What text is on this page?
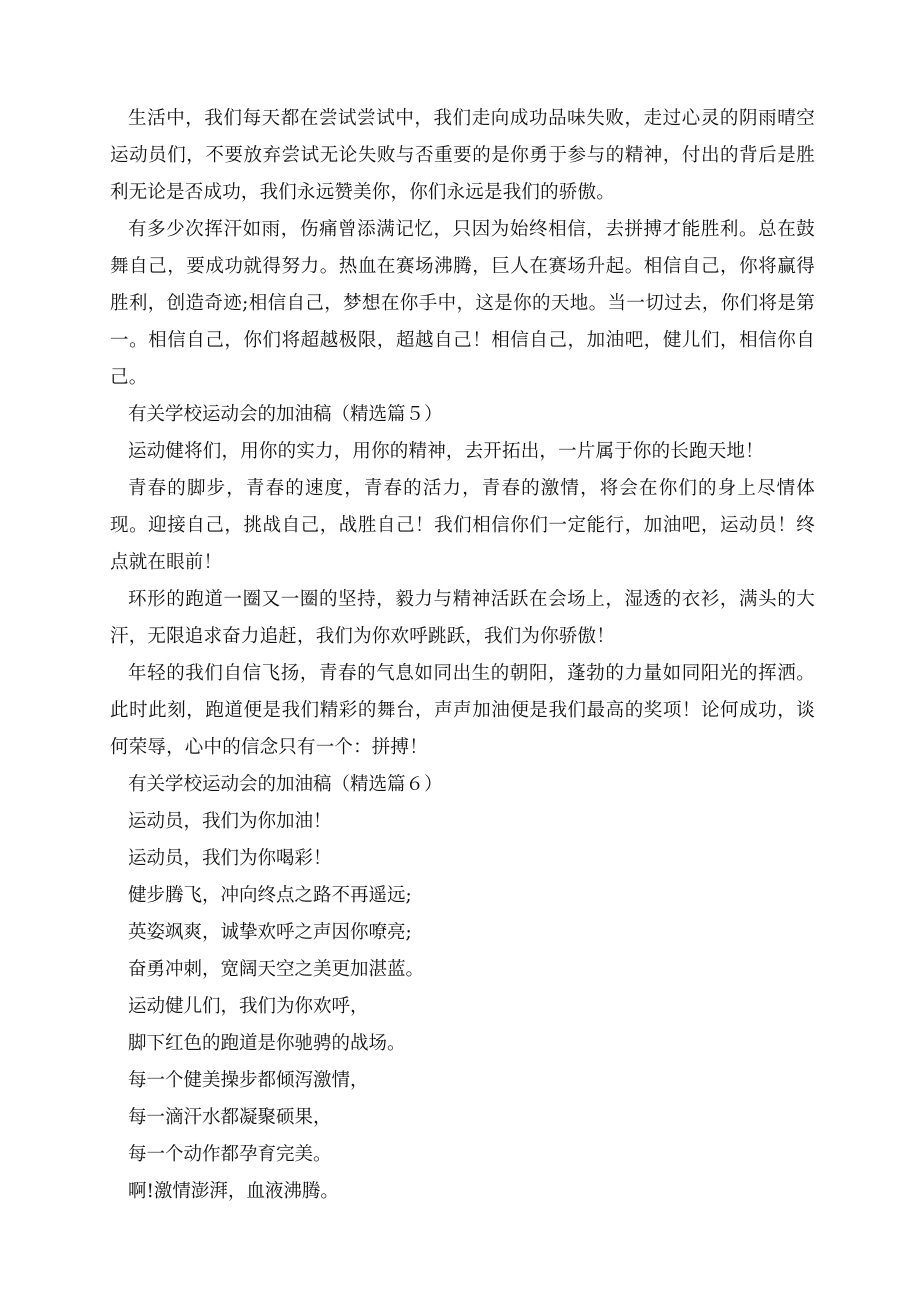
生活中，我们每天都在尝试尝试中，我们走向成功品味失败，走过心灵的阴雨晴空运动员们，不要放弃尝试无论失败与否重要的是你勇于参与的精神，付出的背后是胜利无论是否成功，我们永远赞美你，你们永远是我们的骄傲。

有多少次挥汗如雨，伤痛曾添满记忆，只因为始终相信，去拼搏才能胜利。总在鼓舞自己，要成功就得努力。热血在赛场沸腾，巨人在赛场升起。相信自己，你将赢得胜利，创造奇迹;相信自己，梦想在你手中，这是你的天地。当一切过去，你们将是第一。相信自己，你们将超越极限，超越自己！相信自己，加油吧，健儿们，相信你自己。

有关学校运动会的加油稿（精选篇５）

运动健将们，用你的实力，用你的精神，去开拓出，一片属于你的长跑天地！

青春的脚步，青春的速度，青春的活力，青春的激情，将会在你们的身上尽情体现。迎接自己，挑战自己，战胜自己！我们相信你们一定能行，加油吧，运动员！终点就在眼前！

环形的跑道一圈又一圈的坚持，毅力与精神活跃在会场上，湿透的衣衫，满头的大汗，无限追求奋力追赶，我们为你欢呼跳跃，我们为你骄傲！

年轻的我们自信飞扬，青春的气息如同出生的朝阳，蓬勃的力量如同阳光的挥洒。此时此刻，跑道便是我们精彩的舞台，声声加油便是我们最高的奖项！论何成功，谈何荣辱，心中的信念只有一个：拼搏！

有关学校运动会的加油稿（精选篇６）

运动员，我们为你加油！

运动员，我们为你喝彩！

健步腾飞，冲向终点之路不再遥远;

英姿飒爽，诚挚欢呼之声因你嘹亮;

奋勇冲刺，宽阔天空之美更加湛蓝。

运动健儿们，我们为你欢呼，

脚下红色的跑道是你驰骋的战场。

每一个健美操步都倾泻激情，

每一滴汗水都凝聚硕果，

每一个动作都孕育完美。

啊!激情澎湃，血液沸腾。
